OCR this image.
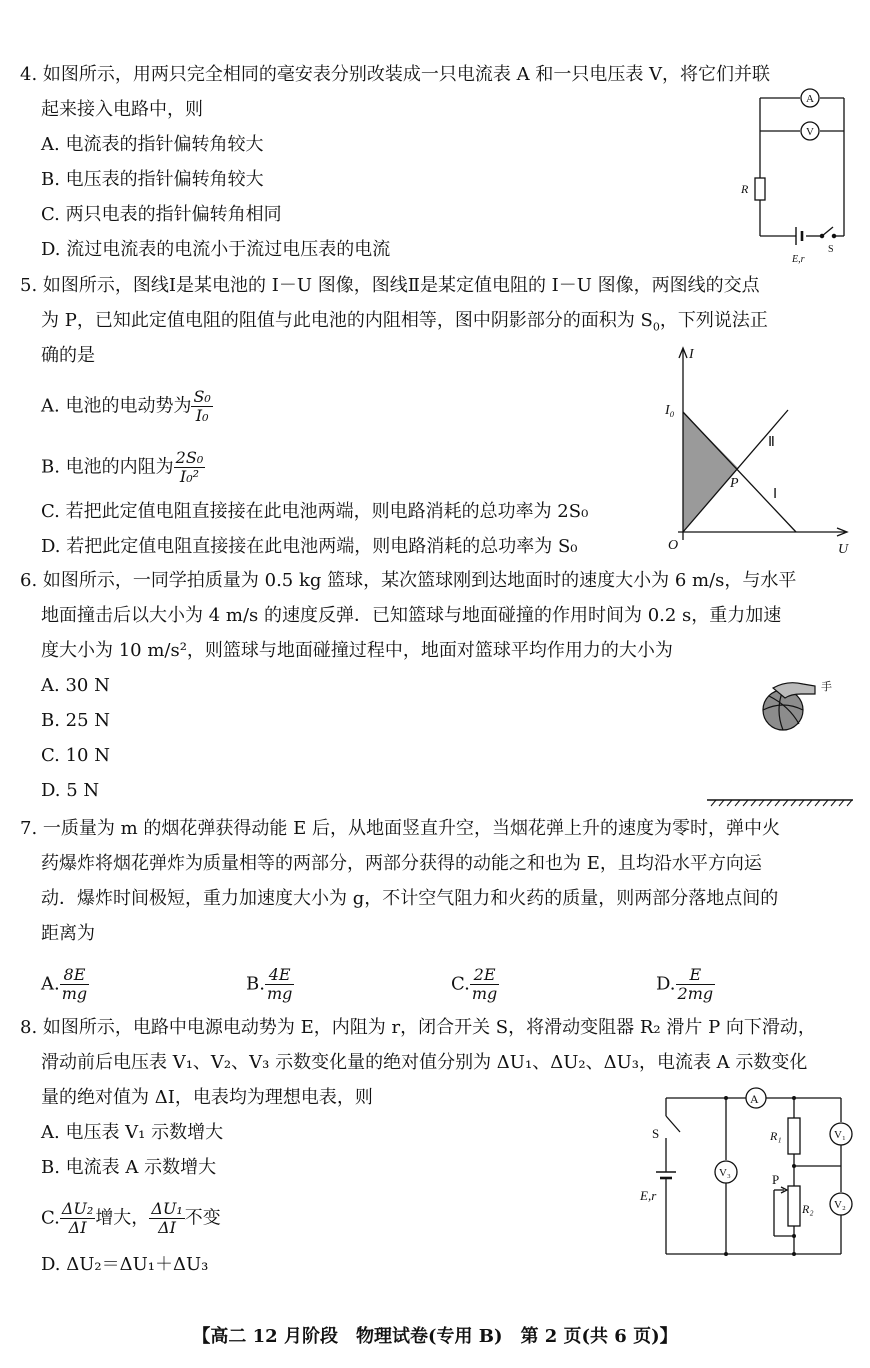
4. 如图所示，用两只完全相同的毫安表分别改装成一只电流表 A 和一只电压表 V，将它们并联
起来接入电路中，则
A. 电流表的指针偏转角较大
B. 电压表的指针偏转角较大
C. 两只电表的指针偏转角相同
D. 流过电流表的电流小于流过电压表的电流
A
V
R
E,r
S
5. 如图所示，图线Ⅰ是某电池的 I－U 图像，图线Ⅱ是某定值电阻的 I－U 图像，两图线的交点
为 P，已知此定值电阻的阻值与此电池的内阻相等，图中阴影部分的面积为 $S_0$，下列说法正
确的是
A. 电池的电动势为 $\frac{\text{S₀}}{\text{I₀}}$
B. 电池的内阻为 $\frac{\text{2S₀}}{\text{I₀²}}$
C. 若把此定值电阻直接接在此电池两端，则电路消耗的总功率为 2S₀
D. 若把此定值电阻直接接在此电池两端，则电路消耗的总功率为 S₀
I
U
O
I₀
P
Ⅰ
Ⅱ
6. 如图所示，一同学拍质量为 0.5 kg 篮球，某次篮球刚到达地面时的速度大小为 6 m/s，与水平
地面撞击后以大小为 4 m/s 的速度反弹．已知篮球与地面碰撞的作用时间为 0.2 s，重力加速
度大小为 10 m/s²，则篮球与地面碰撞过程中，地面对篮球平均作用力的大小为
A. 30 N
B. 25 N
C. 10 N
D. 5 N
手
7. 一质量为 m 的烟花弹获得动能 E 后，从地面竖直升空，当烟花弹上升的速度为零时，弹中火
药爆炸将烟花弹炸为质量相等的两部分，两部分获得的动能之和也为 E，且均沿水平方向运
动．爆炸时间极短，重力加速度大小为 g，不计空气阻力和火药的质量，则两部分落地点间的
距离为
A. $\frac{8E}{mg}$	B. $\frac{4E}{mg}$	C. $\frac{2E}{mg}$	D. $\frac{E}{2mg}$
8. 如图所示，电路中电源电动势为 E，内阻为 r，闭合开关 S，将滑动变阻器 R₂ 滑片 P 向下滑动，
滑动前后电压表 V₁、V₂、V₃ 示数变化量的绝对值分别为 ΔU₁、ΔU₂、ΔU₃，电流表 A 示数变化
量的绝对值为 ΔI，电表均为理想电表，则
A. 电压表 V₁ 示数增大
B. 电流表 A 示数增大
C. $\frac{\text{ΔU₂}}{\Delta I}$ 增大， $\frac{\text{ΔU₁}}{\Delta I}$ 不变
D. ΔU₂＝ΔU₁＋ΔU₃
S
E,r
A
R₁
R₂
P
V₁
V₂
V₃
【高二 12 月阶段　物理试卷(专用 B)　第 2 页(共 6 页)】
